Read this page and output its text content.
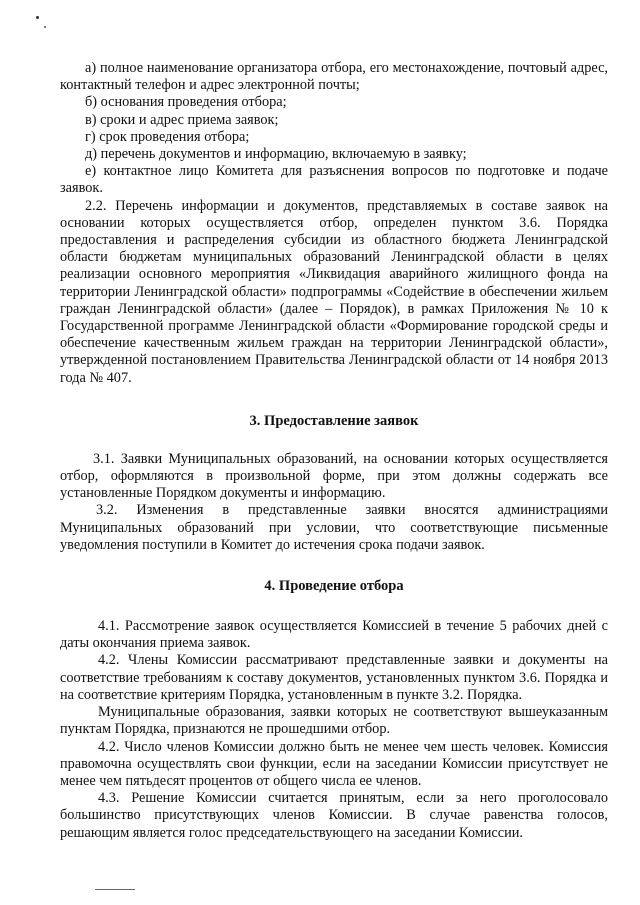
а) полное наименование организатора отбора, его местонахождение, почтовый адрес, контактный телефон и адрес электронной почты;

б) основания проведения отбора;

в) сроки и адрес приема заявок;

г) срок проведения отбора;

д) перечень документов и информацию, включаемую в заявку;

е) контактное лицо Комитета для разъяснения вопросов по подготовке и подаче заявок.

2.2. Перечень информации и документов, представляемых в составе заявок на основании которых осуществляется отбор, определен пунктом 3.6. Порядка предоставления и распределения субсидии из областного бюджета Ленинградской области бюджетам муниципальных образований Ленинградской области в целях реализации основного мероприятия «Ликвидация аварийного жилищного фонда на территории Ленинградской области» подпрограммы «Содействие в обеспечении жильем граждан Ленинградской области» (далее – Порядок), в рамках Приложения № 10 к Государственной программе Ленинградской области «Формирование городской среды и обеспечение качественным жильем граждан на территории Ленинградской области», утвержденной постановлением Правительства Ленинградской области от 14 ноября 2013 года № 407.

3. Предоставление заявок

3.1. Заявки Муниципальных образований, на основании которых осуществляется отбор, оформляются в произвольной форме, при этом должны содержать все установленные Порядком документы и информацию.

3.2. Изменения в представленные заявки вносятся администрациями Муниципальных образований при условии, что соответствующие письменные уведомления поступили в Комитет до истечения срока подачи заявок.

4. Проведение отбора

4.1. Рассмотрение заявок осуществляется Комиссией в течение 5 рабочих дней с даты окончания приема заявок.

4.2. Члены Комиссии рассматривают представленные заявки и документы на соответствие требованиям к составу документов, установленных пунктом 3.6. Порядка и на соответствие критериям Порядка, установленным в пункте 3.2. Порядка.

Муниципальные образования, заявки которых не соответствуют вышеуказанным пунктам Порядка, признаются не прошедшими отбор.

4.2. Число членов Комиссии должно быть не менее чем шесть человек. Комиссия правомочна осуществлять свои функции, если на заседании Комиссии присутствует не менее чем пятьдесят процентов от общего числа ее членов.

4.3. Решение Комиссии считается принятым, если за него проголосовало большинство присутствующих членов Комиссии. В случае равенства голосов, решающим является голос председательствующего на заседании Комиссии.
